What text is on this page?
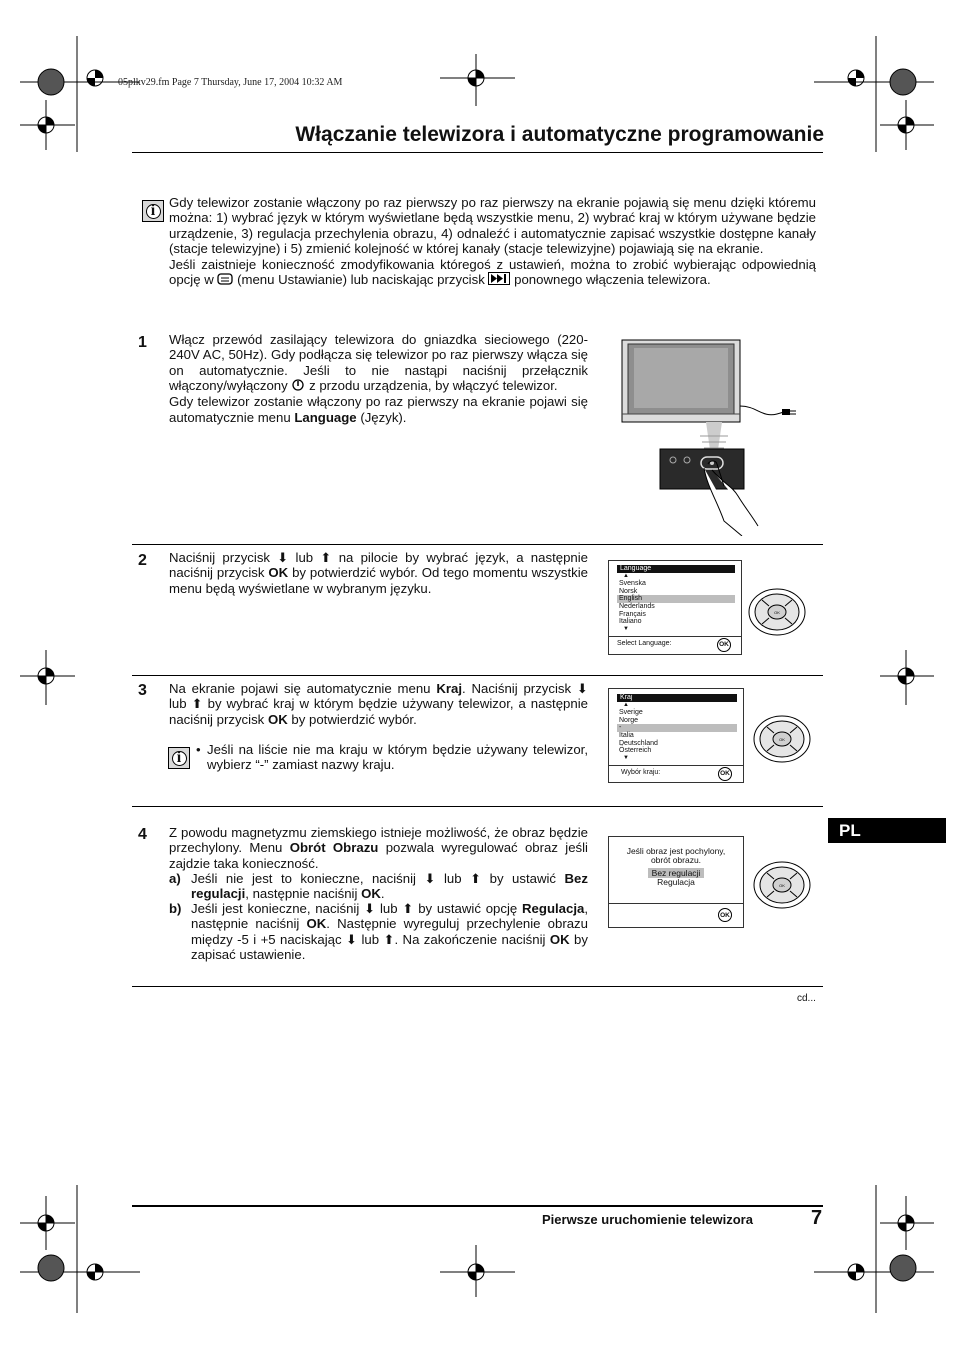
05plkv29.fm Page 7 Thursday, June 17, 2004 10:32 AM
Włączanie telewizora i automatyczne programowanie
i	Gdy telewizor zostanie włączony po raz pierwszy po raz pierwszy na ekranie pojawią się menu dzięki któremu można: 1) wybrać język w którym wyświetlane będą wszystkie menu, 2) wybrać kraj w którym używane będzie urządzenie, 3) regulacja przechylenia obrazu, 4) odnaleźć i automatycznie zapisać wszystkie dostępne kanały (stacje telewizyjne) i 5) zmienić kolejność w której kanały (stacje telewizyjne) pojawiają się na ekranie.
Jeśli zaistnieje konieczność zmodyfikowania któregoś z ustawień, można to zrobić wybierając odpowiednią opcję w (menu Ustawianie) lub naciskając przycisk ponownego włączenia telewizora.
1 Włącz przewód zasilający telewizora do gniazdka sieciowego (220-240V AC, 50Hz). Gdy podłącza się telewizor po raz pierwszy włącza się on automatycznie. Jeśli to nie nastąpi naciśnij przełącznik włączony/wyłączony z przodu urządzenia, by włączyć telewizor.
Gdy telewizor zostanie włączony po raz pierwszy na ekranie pojawi się automatycznie menu Language (Język).
2 Naciśnij przycisk ⬇ lub ⬆ na pilocie by wybrać język, a następnie naciśnij przycisk OK by potwierdzić wybór. Od tego momentu wszystkie menu będą wyświetlane w wybranym języku.
Language
▲
Svenska
Norsk
English
Nederlands
Français
Italiano
▼
Select Language:	OK
OK
3 Na ekranie pojawi się automatycznie menu Kraj. Naciśnij przycisk ⬇ lub ⬆ by wybrać kraj w którym będzie używany telewizor, a następnie naciśnij przycisk OK by potwierdzić wybór.
i	• Jeśli na liście nie ma kraju w którym będzie używany telewizor, wybierz “-” zamiast nazwy kraju.
Kraj
▲
Sverige
Norge
-
Italia
Deutschland
Österreich
▼
Wybór kraju:	OK
OK
4 Z powodu magnetyzmu ziemskiego istnieje możliwość, że obraz będzie przechylony. Menu Obrót Obrazu pozwala wyregulować obraz jeśli zajdzie taka konieczność.
a) Jeśli nie jest to konieczne, naciśnij ⬇ lub ⬆ by ustawić Bez regulacji, następnie naciśnij OK.
b) Jeśli jest konieczne, naciśnij ⬇ lub ⬆ by ustawić opcję Regulacja, następnie naciśnij OK. Następnie wyreguluj przechylenie obrazu między -5 i +5 naciskając ⬇ lub ⬆. Na zakończenie naciśnij OK by zapisać ustawienie.
Jeśli obraz jest pochylony,
obrót obrazu.
Bez regulacji
Regulacja
OK
OK
PL
cd...
Pierwsze uruchomienie telewizora	7
